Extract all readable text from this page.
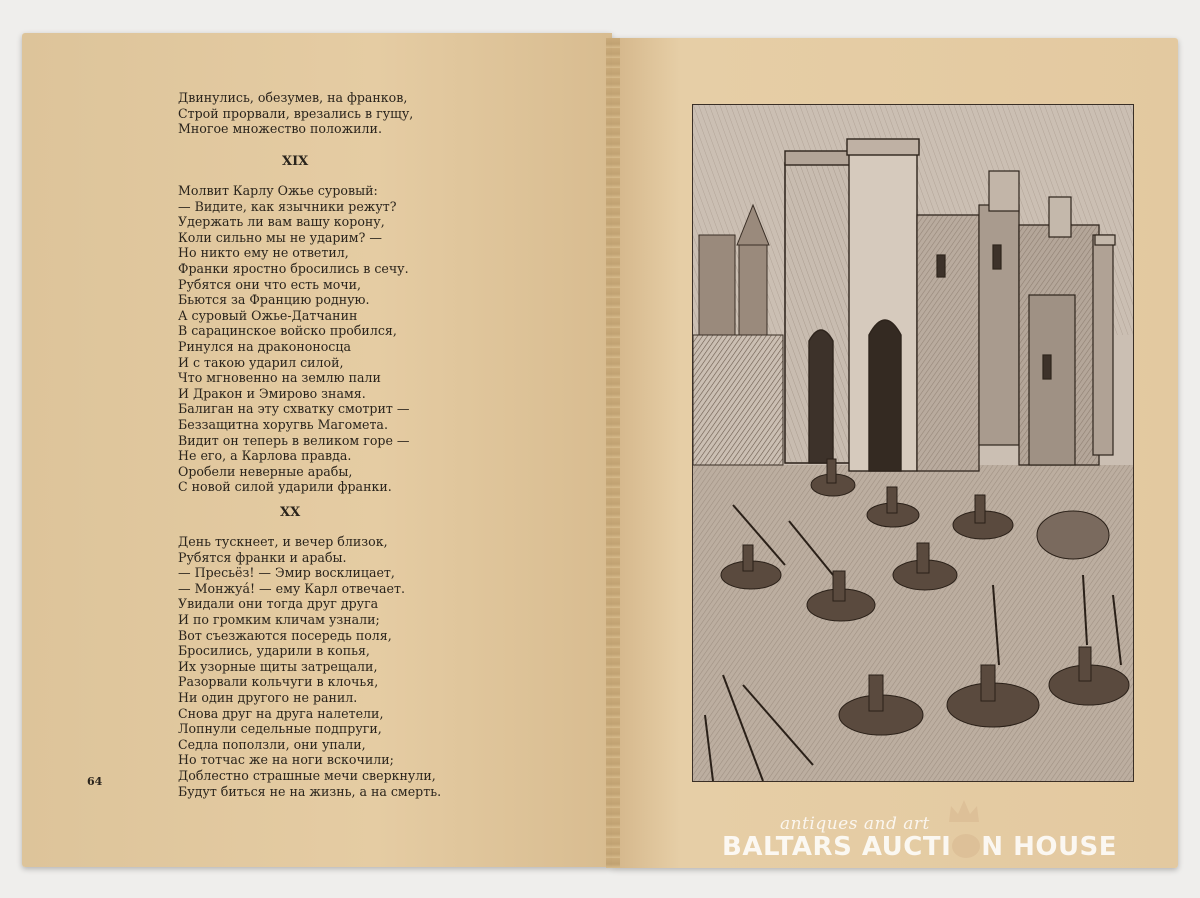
Двинулись, обезумев, на франков,
Строй прорвали, врезались в гущу,
Многое множество положили.
XIX
Молвит Карлу Ожье суровый:
— Видите, как язычники режут?
Удержать ли вам вашу корону,
Коли сильно мы не ударим? —
Но никто ему не ответил,
Франки яростно бросились в сечу.
Рубятся они что есть мочи,
Бьются за Францию родную.
А суровый Ожье-Датчанин
В сарацинское войско пробился,
Ринулся на дракононосца
И с такою ударил силой,
Что мгновенно на землю пали
И Дракон и Эмирово знамя.
Балиган на эту схватку смотрит —
Беззащитна хоругвь Магомета.
Видит он теперь в великом горе —
Не его, а Карлова правда.
Оробели неверные арабы,
С новой силой ударили франки.
XX
День тускнеет, и вечер близок,
Рубятся франки и арабы.
— Пресьёз! — Эмир восклицает,
— Монжуá! — ему Карл отвечает.
Увидали они тогда друг друга
И по громким кличам узнали;
Вот съезжаются посередь поля,
Бросились, ударили в копья,
Их узорные щиты затрещали,
Разорвали кольчуги в клочья,
Ни один другого не ранил.
Снова друг на друга налетели,
Лопнули седельные подпруги,
Седла поползли, они упали,
Но тотчас же на ноги вскочили;
Доблестно страшные мечи сверкнули,
Будут биться не на жизнь, а на смерть.
64
antiques and art
BALTARS AUCTI N HOUSE
